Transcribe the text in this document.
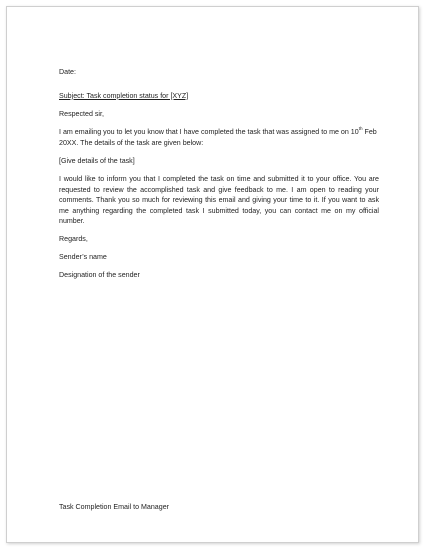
Date:

Subject: Task completion status for [XYZ]

Respected sir,

I am emailing you to let you know that I have completed the task that was assigned to me on 10th Feb 20XX. The details of the task are given below:

[Give details of the task]

I would like to inform you that I completed the task on time and submitted it to your office. You are requested to review the accomplished task and give feedback to me. I am open to reading your comments. Thank you so much for reviewing this email and giving your time to it. If you want to ask me anything regarding the completed task I submitted today, you can contact me on my official number.

Regards,

Sender’s name

Designation of the sender

Task Completion Email to Manager
